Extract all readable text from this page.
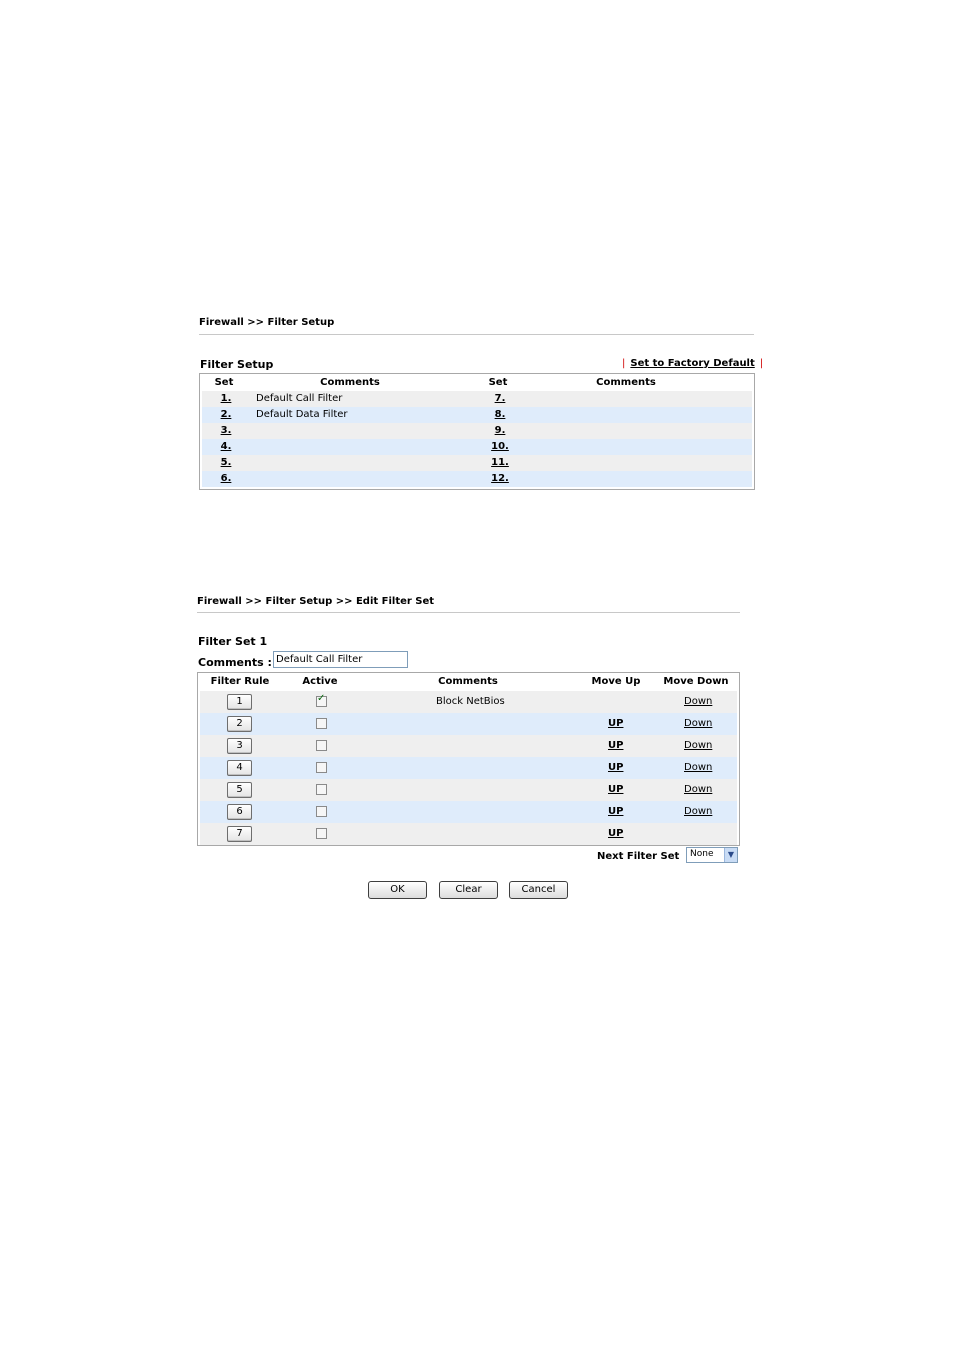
Firewall >> Filter Setup
Filter Setup	| Set to Factory Default |
Set	Comments	Set	Comments
1.	Default Call Filter	7.
2.	Default Data Filter	8.
3.	9.
4.	10.
5.	11.
6.	12.
Firewall >> Filter Setup >> Edit Filter Set
Filter Set 1
Comments : Default Call Filter
Filter Rule	Active	Comments	Move Up	Move Down
1
✓	Block NetBios	Down
2	UP	Down
3	UP	Down
4	UP	Down
5	UP	Down
6	UP	Down
7	UP
Next Filter Set None	▼
OK	Clear	Cancel
